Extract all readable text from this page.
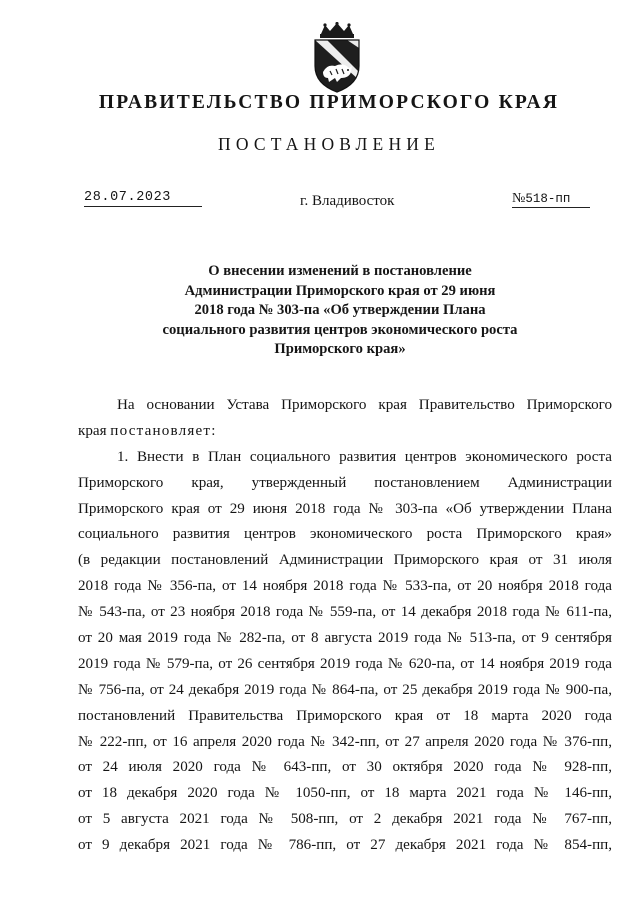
ПРАВИТЕЛЬСТВО ПРИМОРСКОГО КРАЯ
ПОСТАНОВЛЕНИЕ
28.07.2023	г. Владивосток	№518-пп
О внесении изменений в постановление
Администрации Приморского края от 29 июня
2018 года № 303-па «Об утверждении Плана
социального развития центров экономического роста
Приморского края»
На основании Устава Приморского края Правительство Приморского
края постановляет:
1. Внести в План социального развития центров экономического роста
Приморского края, утвержденный постановлением Администрации
Приморского края от 29 июня 2018 года № 303-па «Об утверждении Плана
социального развития центров экономического роста Приморского края»
(в редакции постановлений Администрации Приморского края от 31 июля
2018 года № 356-па, от 14 ноября 2018 года № 533-па, от 20 ноября 2018 года
№ 543-па, от 23 ноября 2018 года № 559-па, от 14 декабря 2018 года № 611-па,
от 20 мая 2019 года № 282-па, от 8 августа 2019 года № 513-па, от 9 сентября
2019 года № 579-па, от 26 сентября 2019 года № 620-па, от 14 ноября 2019 года
№ 756-па, от 24 декабря 2019 года № 864-па, от 25 декабря 2019 года № 900-па,
постановлений Правительства Приморского края от 18 марта 2020 года
№ 222-пп, от 16 апреля 2020 года № 342-пп, от 27 апреля 2020 года № 376-пп,
от 24 июля 2020 года № 643-пп, от 30 октября 2020 года № 928-пп,
от 18 декабря 2020 года № 1050-пп, от 18 марта 2021 года № 146-пп,
от 5 августа 2021 года № 508-пп, от 2 декабря 2021 года № 767-пп,
от 9 декабря 2021 года № 786-пп, от 27 декабря 2021 года № 854-пп,
